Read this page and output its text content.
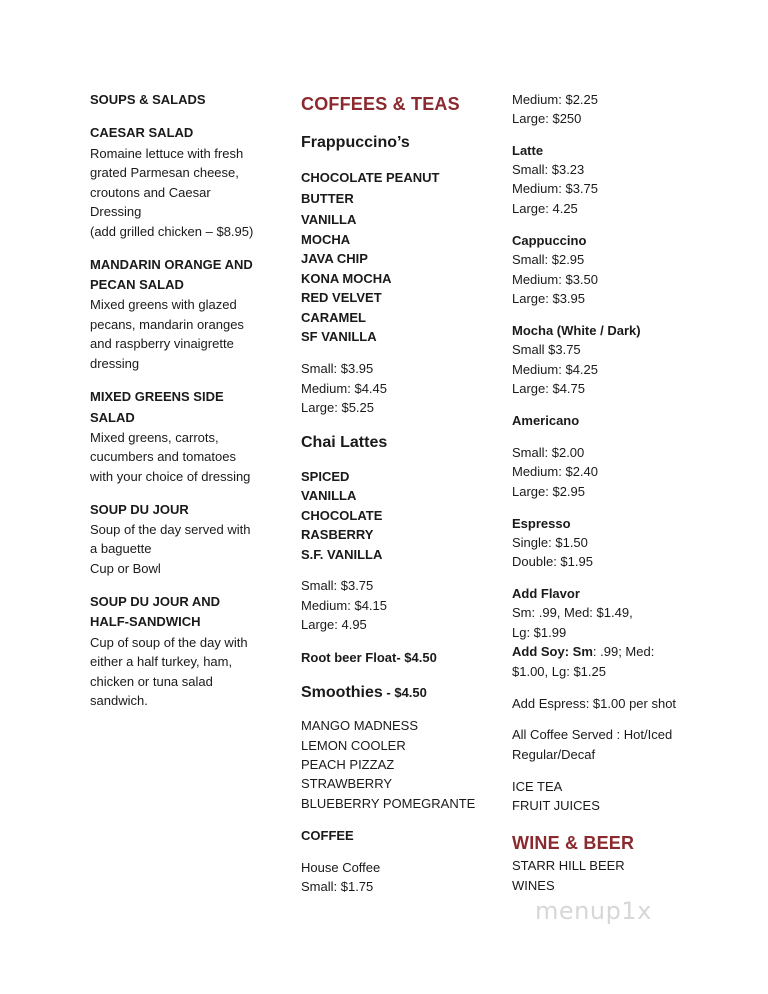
SOUPS & SALADS
CAESAR SALAD
Romaine lettuce with fresh
grated Parmesan cheese,
croutons and Caesar
Dressing
(add grilled chicken – $8.95)
MANDARIN ORANGE AND
PECAN SALAD
Mixed greens with glazed
pecans, mandarin oranges
and raspberry vinaigrette
dressing
MIXED GREENS SIDE
SALAD
Mixed greens, carrots,
cucumbers and tomatoes
with your choice of dressing
SOUP DU JOUR
Soup of the day served with
a baguette
Cup or Bowl
SOUP DU JOUR AND
HALF-SANDWICH
Cup of soup of the day with
either a half turkey, ham,
chicken or tuna salad
sandwich.
COFFEES & TEAS
Frappuccino’s
CHOCOLATE PEANUT
BUTTER
VANILLA
MOCHA
JAVA CHIP
KONA MOCHA
RED VELVET
CARAMEL
SF VANILLA
Small: $3.95
Medium: $4.45
Large: $5.25
Chai Lattes
SPICED
VANILLA
CHOCOLATE
RASBERRY
S.F. VANILLA
Small: $3.75
Medium: $4.15
Large: 4.95
Root beer Float- $4.50
Smoothies - $4.50
MANGO MADNESS
LEMON COOLER
PEACH PIZZAZ
STRAWBERRY
BLUEBERRY POMEGRANTE
COFFEE
House Coffee
Small: $1.75
Medium: $2.25
Large: $250
Latte
Small: $3.23
Medium: $3.75
Large: 4.25
Cappuccino
Small: $2.95
Medium: $3.50
Large: $3.95
Mocha (White / Dark)
Small $3.75
Medium: $4.25
Large: $4.75
Americano
Small: $2.00
Medium: $2.40
Large: $2.95
Espresso
Single: $1.50
Double: $1.95
Add Flavor
Sm: .99, Med: $1.49,
Lg: $1.99
Add Soy: Sm: .99; Med:
$1.00, Lg: $1.25
Add Espress: $1.00 per shot
All Coffee Served : Hot/Iced
Regular/Decaf
ICE TEA
FRUIT JUICES
WINE & BEER
STARR HILL BEER
WINES
menup1x
